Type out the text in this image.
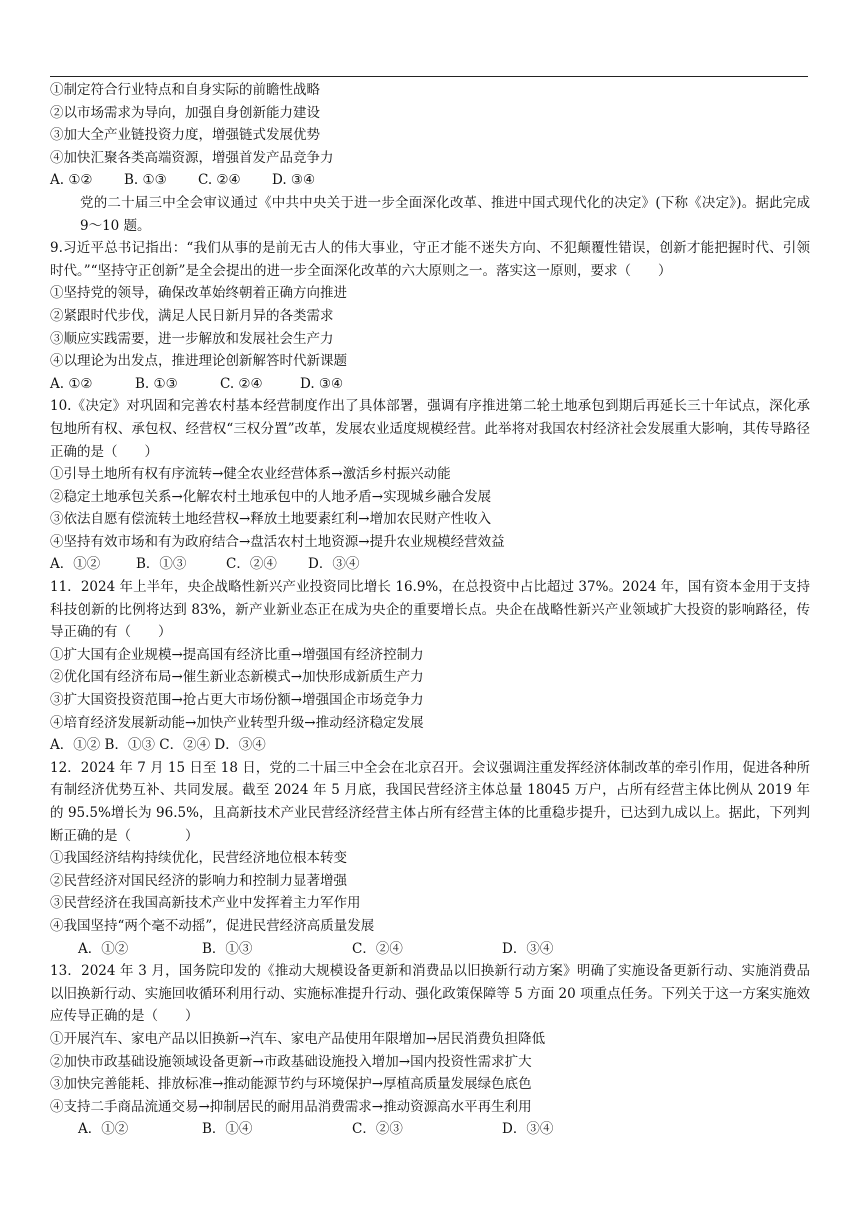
①制定符合行业特点和自身实际的前瞻性战略
②以市场需求为导向，加强自身创新能力建设
③加大全产业链投资力度，增强链式发展优势
④加快汇聚各类高端资源，增强首发产品竞争力
A. ①②	B. ①③	C. ②④	D. ③④
党的二十届三中全会审议通过《中共中央关于进一步全面深化改革、推进中国式现代化的决定》(下称《决定》)。据此完成 9～10 题。
9.习近平总书记指出：“我们从事的是前无古人的伟大事业，守正才能不迷失方向、不犯颠覆性错误，创新才能把握时代、引领时代。”“坚持守正创新”是全会提出的进一步全面深化改革的六大原则之一。落实这一原则，要求（　　）
①坚持党的领导，确保改革始终朝着正确方向推进
②紧跟时代步伐，满足人民日新月异的各类需求
③顺应实践需要，进一步解放和发展社会生产力
④以理论为出发点，推进理论创新解答时代新课题
A. ①②	B. ①③	C. ②④	D. ③④
10.《决定》对巩固和完善农村基本经营制度作出了具体部署，强调有序推进第二轮土地承包到期后再延长三十年试点，深化承包地所有权、承包权、经营权“三权分置”改革，发展农业适度规模经营。此举将对我国农村经济社会发展重大影响，其传导路径正确的是（　　）
①引导土地所有权有序流转→健全农业经营体系→激活乡村振兴动能
②稳定土地承包关系→化解农村土地承包中的人地矛盾→实现城乡融合发展
③依法自愿有偿流转土地经营权→释放土地要素红利→增加农民财产性收入
④坚持有效市场和有为政府结合→盘活农村土地资源→提升农业规模经营效益
A．①②	B．①③	C．②④	D．③④
11．2024 年上半年，央企战略性新兴产业投资同比增长 16.9%，在总投资中占比超过 37%。2024 年，国有资本金用于支持科技创新的比例将达到 83%，新产业新业态正在成为央企的重要增长点。央企在战略性新兴产业领域扩大投资的影响路径，传导正确的有（　　）
①扩大国有企业规模→提高国有经济比重→增强国有经济控制力
②优化国有经济布局→催生新业态新模式→加快形成新质生产力
③扩大国资投资范围→抢占更大市场份额→增强国企市场竞争力
④培育经济发展新动能→加快产业转型升级→推动经济稳定发展
A．①② B．①③ C．②④ D．③④
12．2024 年 7 月 15 日至 18 日，党的二十届三中全会在北京召开。会议强调注重发挥经济体制改革的牵引作用，促进各种所有制经济优势互补、共同发展。截至 2024 年 5 月底，我国民营经济主体总量 18045 万户，占所有经营主体比例从 2019 年的 95.5%增长为 96.5%，且高新技术产业民营经济经营主体占所有经营主体的比重稳步提升，已达到九成以上。据此，下列判断正确的是（　　　　）
①我国经济结构持续优化，民营经济地位根本转变
②民营经济对国民经济的影响力和控制力显著增强
③民营经济在我国高新技术产业中发挥着主力军作用
④我国坚持“两个毫不动摇”，促进民营经济高质量发展
A．①②	B．①③	C．②④	D．③④
13．2024 年 3 月，国务院印发的《推动大规模设备更新和消费品以旧换新行动方案》明确了实施设备更新行动、实施消费品以旧换新行动、实施回收循环利用行动、实施标准提升行动、强化政策保障等 5 方面 20 项重点任务。下列关于这一方案实施效应传导正确的是（　　）
①开展汽车、家电产品以旧换新→汽车、家电产品使用年限增加→居民消费负担降低
②加快市政基础设施领域设备更新→市政基础设施投入增加→国内投资性需求扩大
③加快完善能耗、排放标准→推动能源节约与环境保护→厚植高质量发展绿色底色
④支持二手商品流通交易→抑制居民的耐用品消费需求→推动资源高水平再生利用
A．①②	B．①④	C．②③	D．③④
